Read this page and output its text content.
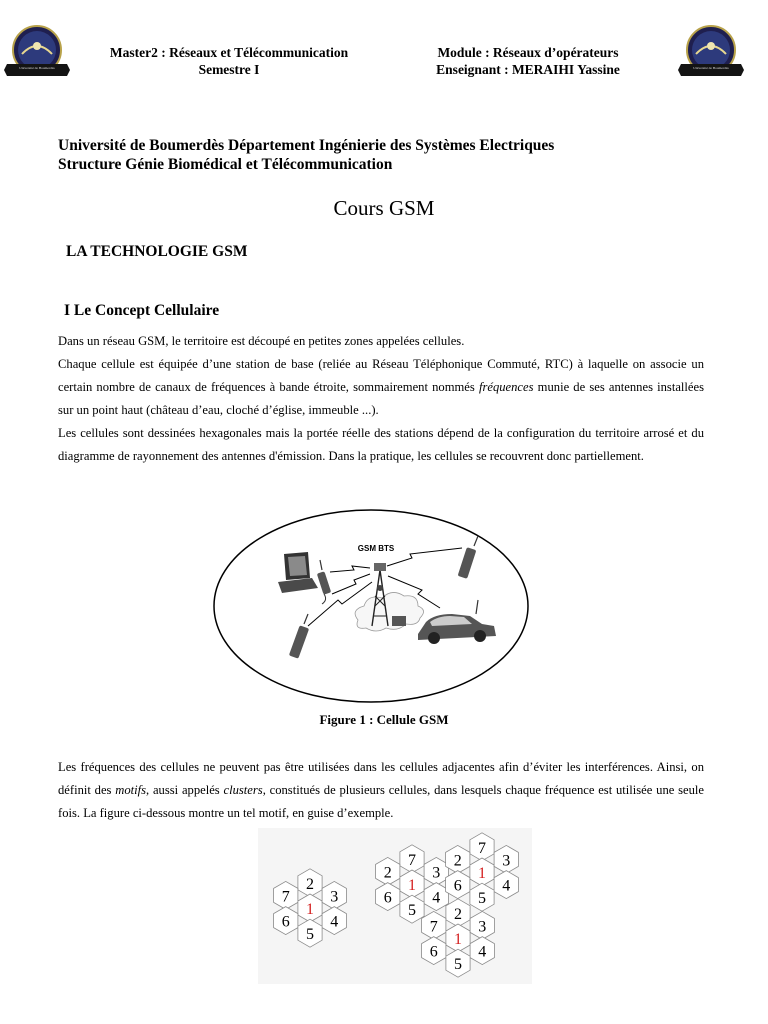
Université de Boumerdès	Université de Boumerdès
Master2 : Réseaux et Télécommunication
Semestre I
Module : Réseaux d’opérateurs
Enseignant : MERAIHI Yassine
Université de Boumerdès Département Ingénierie des Systèmes Electriques
Structure Génie Biomédical et Télécommunication
Cours GSM
LA TECHNOLOGIE GSM
I Le Concept Cellulaire

Dans un réseau GSM, le territoire est découpé en petites zones appelées cellules.

Chaque cellule est équipée d’une station de base (reliée au Réseau Téléphonique Commuté, RTC) à laquelle on associe un certain nombre de canaux de fréquences à bande étroite, sommairement nommés fréquences munie de ses antennes installées sur un point haut (château d’eau, cloché d’église, immeuble ...).

Les cellules sont dessinées hexagonales mais la portée réelle des stations dépend de la configuration du territoire arrosé et du diagramme de rayonnement des antennes d'émission. Dans la pratique, les cellules se recouvrent donc partiellement.

GSM BTS
Figure 1 : Cellule GSM

Les fréquences des cellules ne peuvent pas être utilisées dans les cellules adjacentes afin d’éviter les interférences. Ainsi, on définit des motifs, aussi appelés clusters, constitués de plusieurs cellules, dans lesquels chaque fréquence est utilisée une seule fois. La figure ci-dessous montre un tel motif, en guise d’exemple.

2
7
1
3
6	4
5
7
2
1
3
6	4
5
7
2
1
3
6	4
5
2
7
1
3
6	4
5
